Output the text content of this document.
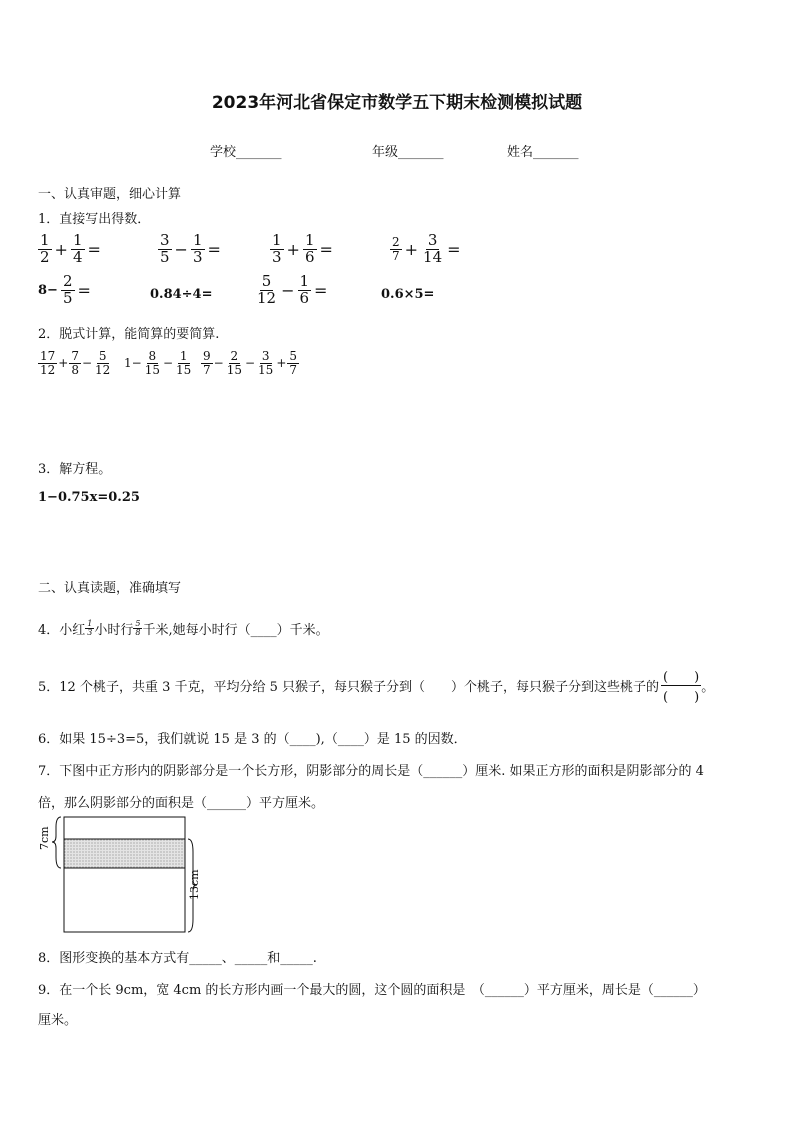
2023年河北省保定市数学五下期末检测模拟试题
学校_______	年级_______	姓名_______
一、认真审题，细心计算
1．直接写出得数．
$\frac{1}{2} + \frac{1}{4}$ =	$\frac{3}{5} - \frac{1}{3}$ =	$\frac{1}{3} + \frac{1}{6}$ =	$\frac{2}{7} + \frac{3}{14}$ =
$8- \frac{2}{5}$ =	0.84÷4=	$\frac{5}{12} - \frac{1}{6}$ =	0.6×5=
2．脱式计算，能简算的要简算.
$\frac{17}{12} + \frac{7}{8} - \frac{5}{12} 1- \frac{8}{15} - \frac{1}{15} \frac{9}{7} - \frac{2}{15} - \frac{3}{15} + \frac{5}{7}$
3．解方程。
1−0.75x=0.25
二、认真读题，准确填写
4．小红 $\frac{1}{3}$ 小时行 $\frac{5}{8}$ 千米,她每小时行（____）千米。
5．12 个桃子，共重 3 千克，平均分给 5 只猴子，每只猴子分到（　　）个桃子，每只猴子分到这些桃子的 $\frac{( )}{( )}$ 。
6．如果 15÷3=5，我们就说 15 是 3 的（____),（____）是 15 的因数．
7．下图中正方形内的阴影部分是一个长方形，阴影部分的周长是（______）厘米. 如果正方形的面积是阴影部分的 4
倍，那么阴影部分的面积是（______）平方厘米。
7cm
13cm
8．图形变换的基本方式有_____、_____和_____.
9．在一个长 9cm，宽 4cm 的长方形内画一个最大的圆，这个圆的面积是　（______）平方厘米，周长是（______）
厘米。
